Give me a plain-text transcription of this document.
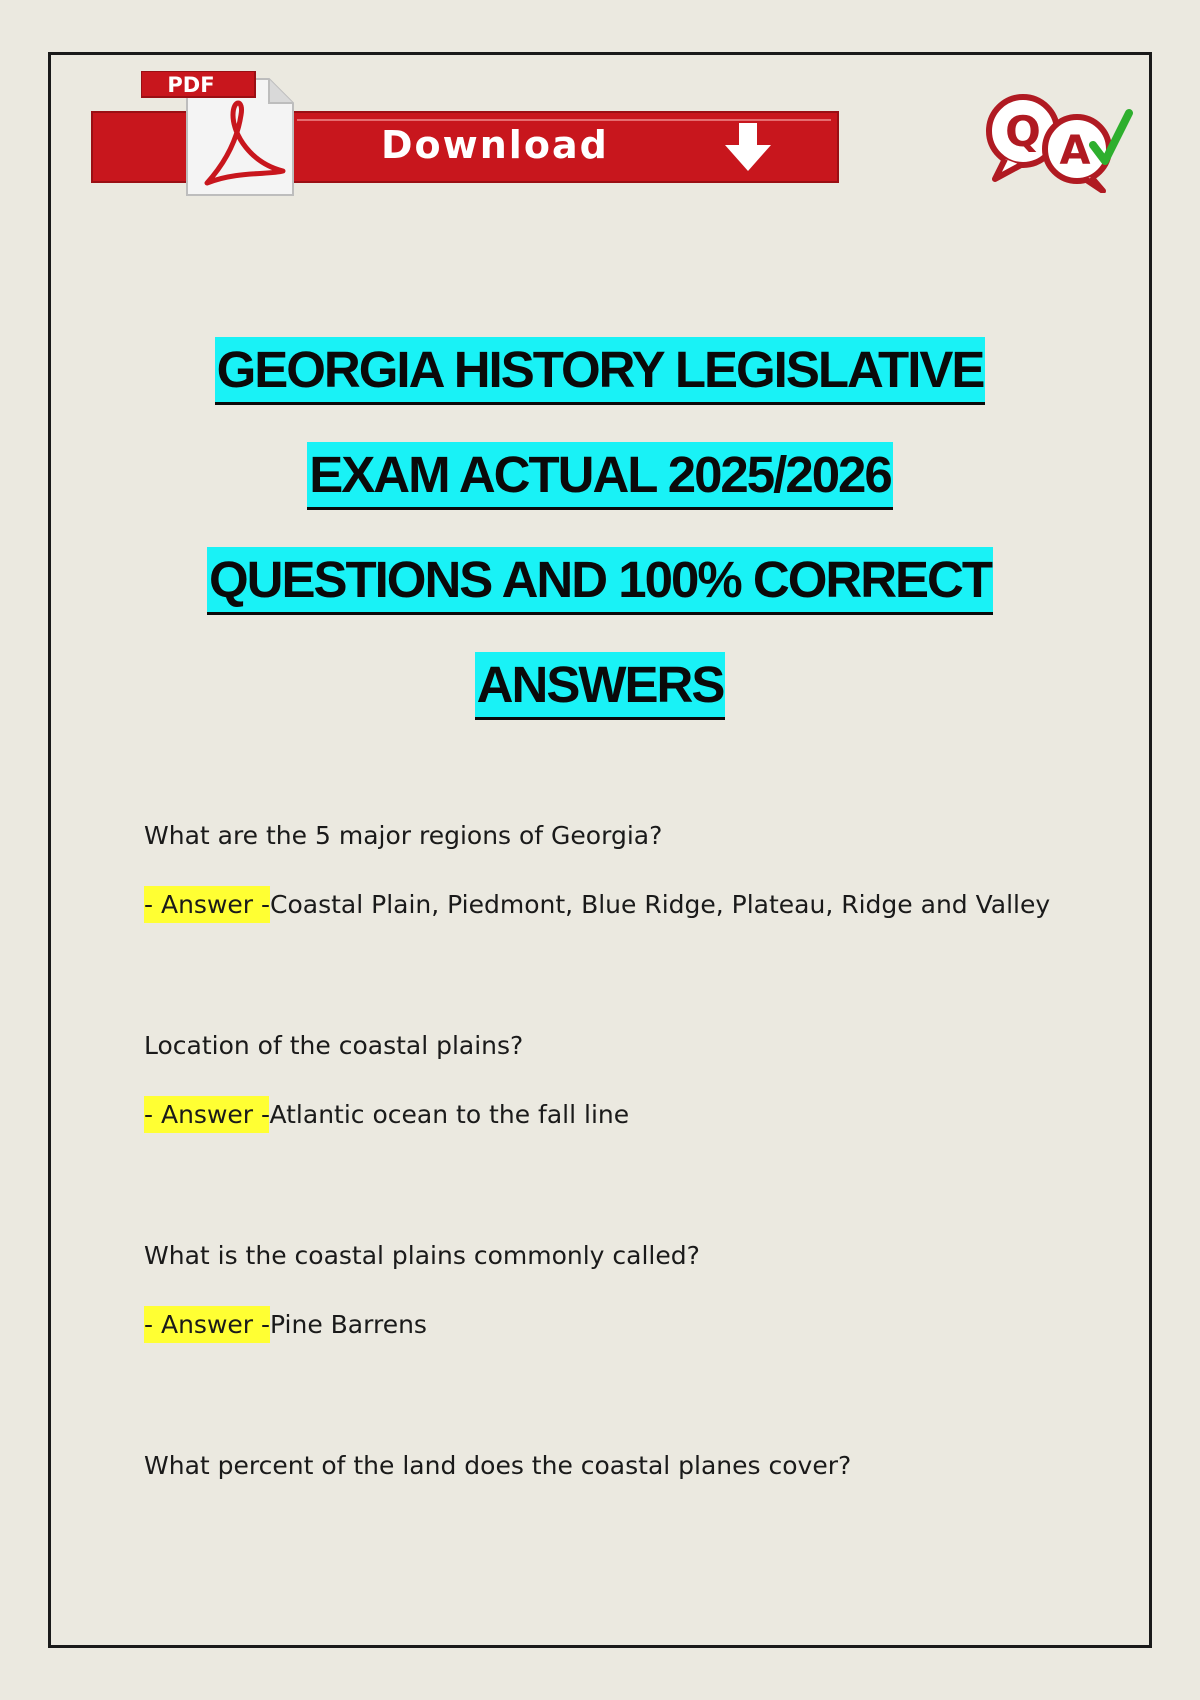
PDF
Download	Q A
GEORGIA HISTORY LEGISLATIVE
EXAM ACTUAL 2025/2026
QUESTIONS AND 100% CORRECT
ANSWERS

What are the 5 major regions of Georgia?

- Answer -Coastal Plain, Piedmont, Blue Ridge, Plateau, Ridge and Valley

Location of the coastal plains?

- Answer -Atlantic ocean to the fall line

What is the coastal plains commonly called?

- Answer -Pine Barrens

What percent of the land does the coastal planes cover?
